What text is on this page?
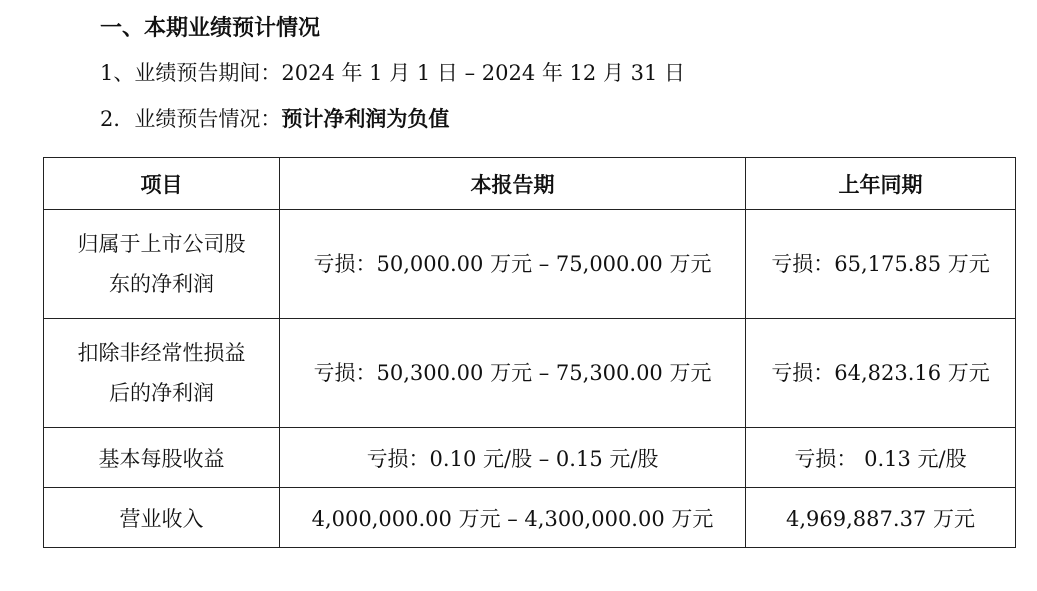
一、本期业绩预计情况
1、业绩预告期间：2024 年 1 月 1 日 – 2024 年 12 月 31 日
2．业绩预告情况：预计净利润为负值
项目	本报告期	上年同期

归属于上市公司股
东的净利润	亏损：50,000.00 万元 – 75,000.00 万元	亏损：65,175.85 万元

扣除非经常性损益
后的净利润	亏损：50,300.00 万元 – 75,300.00 万元	亏损：64,823.16 万元
基本每股收益	亏损：0.10 元/股 – 0.15 元/股	亏损： 0.13 元/股
营业收入	4,000,000.00 万元 – 4,300,000.00 万元	4,969,887.37 万元
